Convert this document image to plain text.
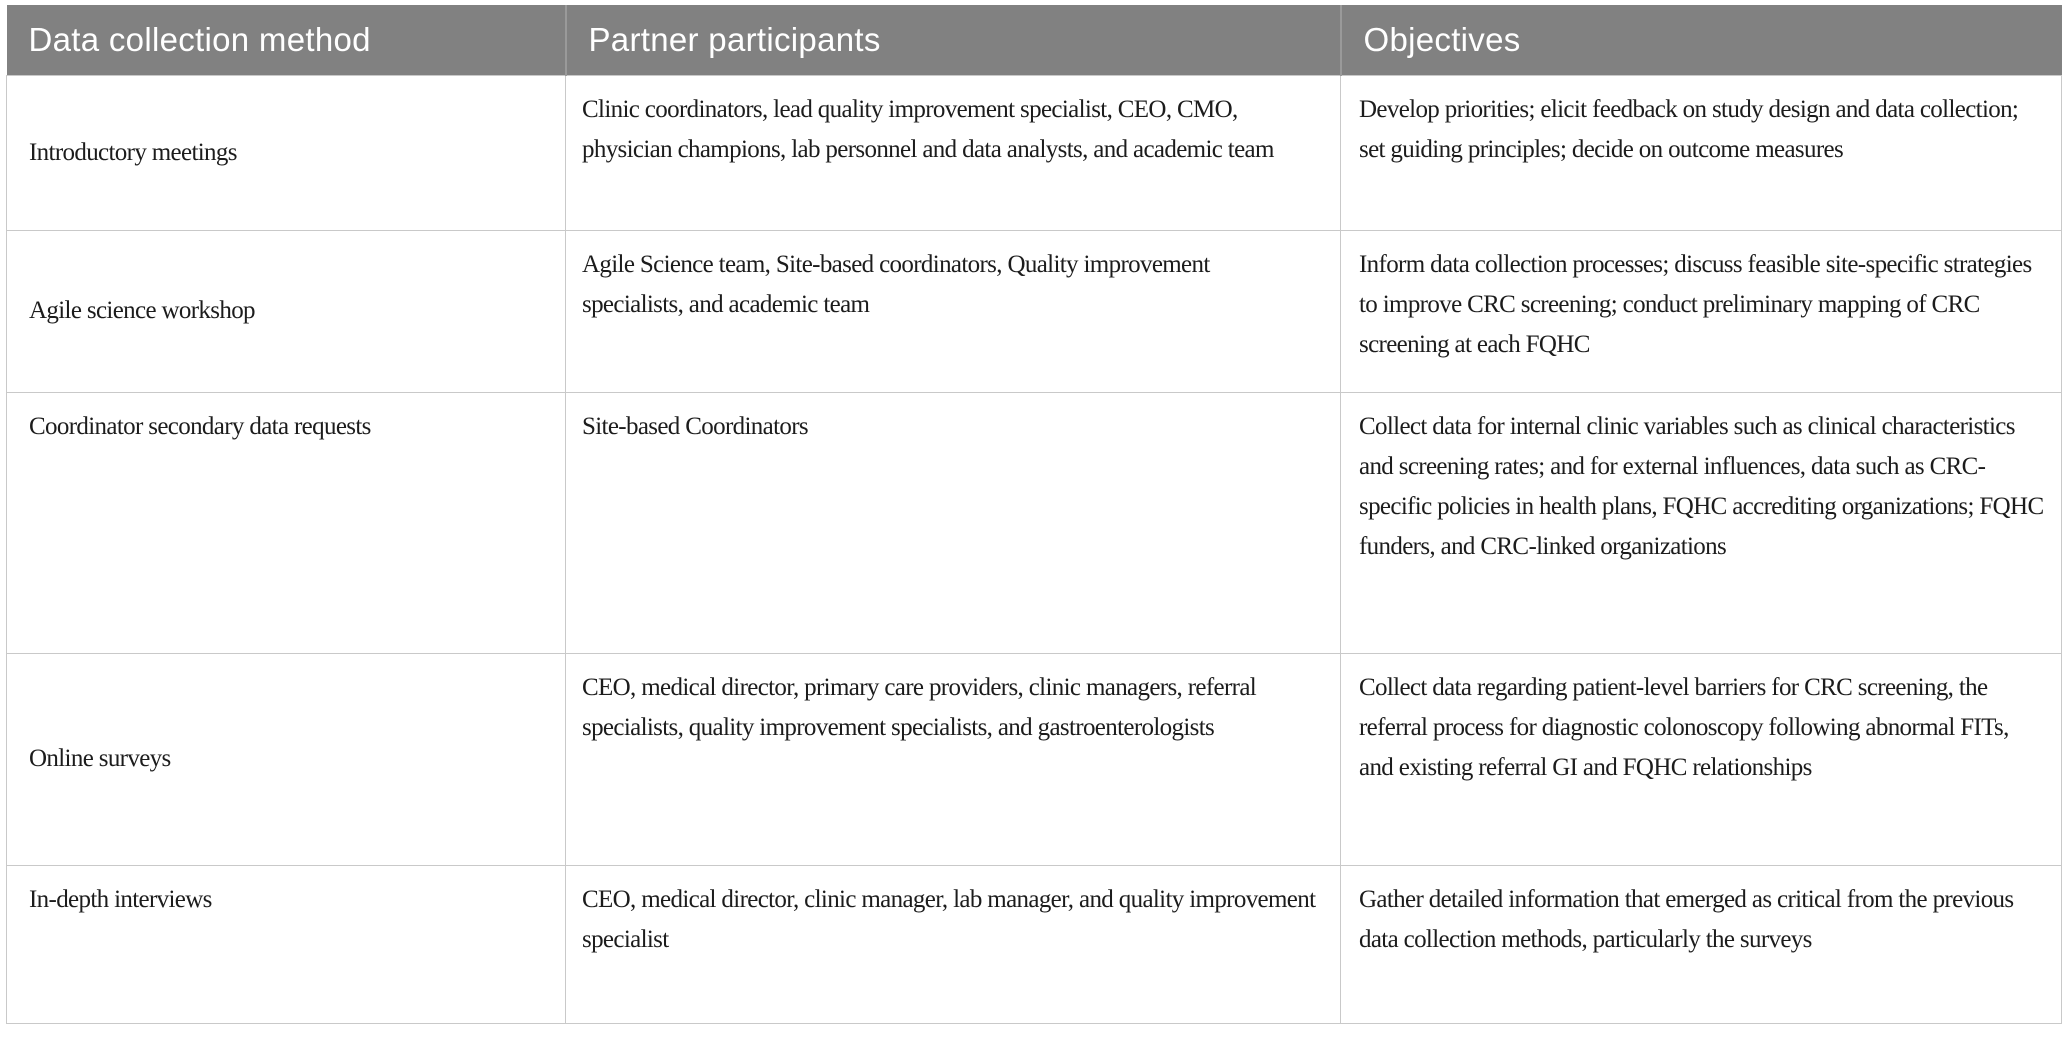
Data collection method	Partner participants	Objectives
Introductory meetings	Clinic coordinators, lead quality improvement specialist, CEO, CMO, physician champions, lab personnel and data analysts, and academic team	Develop priorities; elicit feedback on study design and data collection; set guiding principles; decide on outcome measures
Agile science workshop	Agile Science team, Site-based coordinators, Quality improvement specialists, and academic team	Inform data collection processes; discuss feasible site-specific strategies to improve CRC screening; conduct preliminary mapping of CRC screening at each FQHC
Coordinator secondary data requests	Site-based Coordinators	Collect data for internal clinic variables such as clinical characteristics and screening rates; and for external influences, data such as CRC-specific policies in health plans, FQHC accrediting organizations; FQHC funders, and CRC-linked organizations
Online surveys	CEO, medical director, primary care providers, clinic managers, referral specialists, quality improvement specialists, and gastroenterologists	Collect data regarding patient-level barriers for CRC screening, the referral process for diagnostic colonoscopy following abnormal FITs, and existing referral GI and FQHC relationships
In-depth interviews	CEO, medical director, clinic manager, lab manager, and quality improvement specialist	Gather detailed information that emerged as critical from the previous data collection methods, particularly the surveys
